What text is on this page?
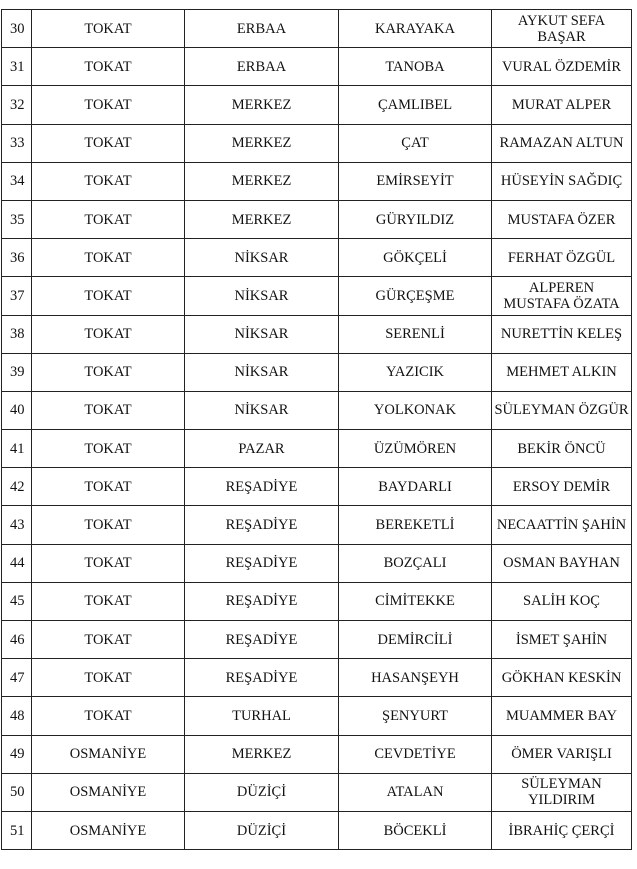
30	TOKAT	ERBAA	KARAYAKA	AYKUT SEFA BAŞAR
31	TOKAT	ERBAA	TANOBA	VURAL ÖZDEMİR
32	TOKAT	MERKEZ	ÇAMLIBEL	MURAT ALPER
33	TOKAT	MERKEZ	ÇAT	RAMAZAN ALTUN
34	TOKAT	MERKEZ	EMİRSEYİT	HÜSEYİN SAĞDIÇ
35	TOKAT	MERKEZ	GÜRYILDIZ	MUSTAFA ÖZER
36	TOKAT	NİKSAR	GÖKÇELİ	FERHAT ÖZGÜL
37	TOKAT	NİKSAR	GÜRÇEŞME	ALPEREN MUSTAFA ÖZATA
38	TOKAT	NİKSAR	SERENLİ	NURETTİN KELEŞ
39	TOKAT	NİKSAR	YAZICIK	MEHMET ALKIN
40	TOKAT	NİKSAR	YOLKONAK	SÜLEYMAN ÖZGÜR
41	TOKAT	PAZAR	ÜZÜMÖREN	BEKİR ÖNCÜ
42	TOKAT	REŞADİYE	BAYDARLI	ERSOY DEMİR
43	TOKAT	REŞADİYE	BEREKETLİ	NECAATTİN ŞAHİN
44	TOKAT	REŞADİYE	BOZÇALI	OSMAN BAYHAN
45	TOKAT	REŞADİYE	CİMİTEKKE	SALİH KOÇ
46	TOKAT	REŞADİYE	DEMİRCİLİ	İSMET ŞAHİN
47	TOKAT	REŞADİYE	HASANŞEYH	GÖKHAN KESKİN
48	TOKAT	TURHAL	ŞENYURT	MUAMMER BAY
49	OSMANİYE	MERKEZ	CEVDETİYE	ÖMER VARIŞLI
50	OSMANİYE	DÜZİÇİ	ATALAN	SÜLEYMAN YILDIRIM
51	OSMANİYE	DÜZİÇİ	BÖCEKLİ	İBRAHİÇ ÇERÇİ
